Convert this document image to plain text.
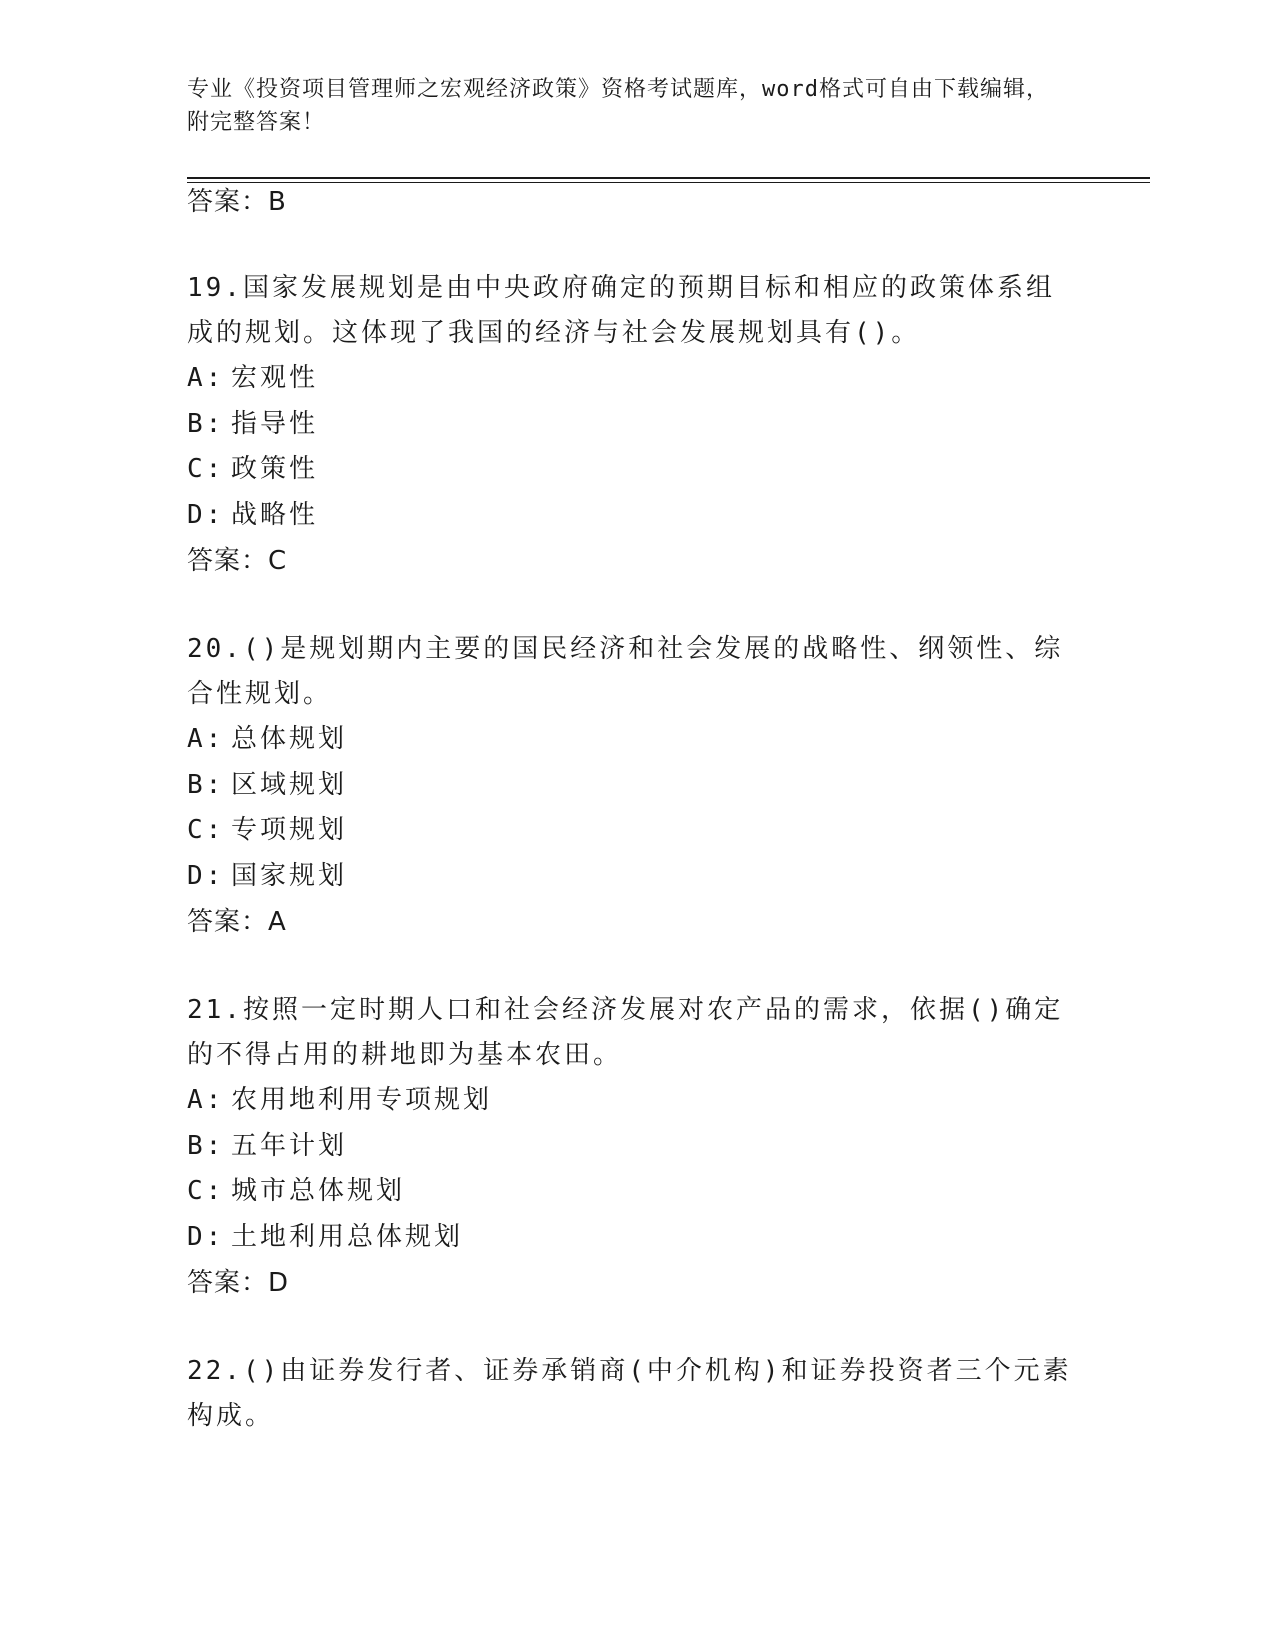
专业《投资项目管理师之宏观经济政策》资格考试题库，word格式可自由下载编辑，附完整答案！
答案：B
19.国家发展规划是由中央政府确定的预期目标和相应的政策体系组成的规划。这体现了我国的经济与社会发展规划具有()。
A: 宏观性
B: 指导性
C: 政策性
D: 战略性
答案：C
20.()是规划期内主要的国民经济和社会发展的战略性、纲领性、综合性规划。
A: 总体规划
B: 区域规划
C: 专项规划
D: 国家规划
答案：A
21.按照一定时期人口和社会经济发展对农产品的需求，依据()确定的不得占用的耕地即为基本农田。
A: 农用地利用专项规划
B: 五年计划
C: 城市总体规划
D: 土地利用总体规划
答案：D
22.()由证券发行者、证券承销商(中介机构)和证券投资者三个元素构成。
